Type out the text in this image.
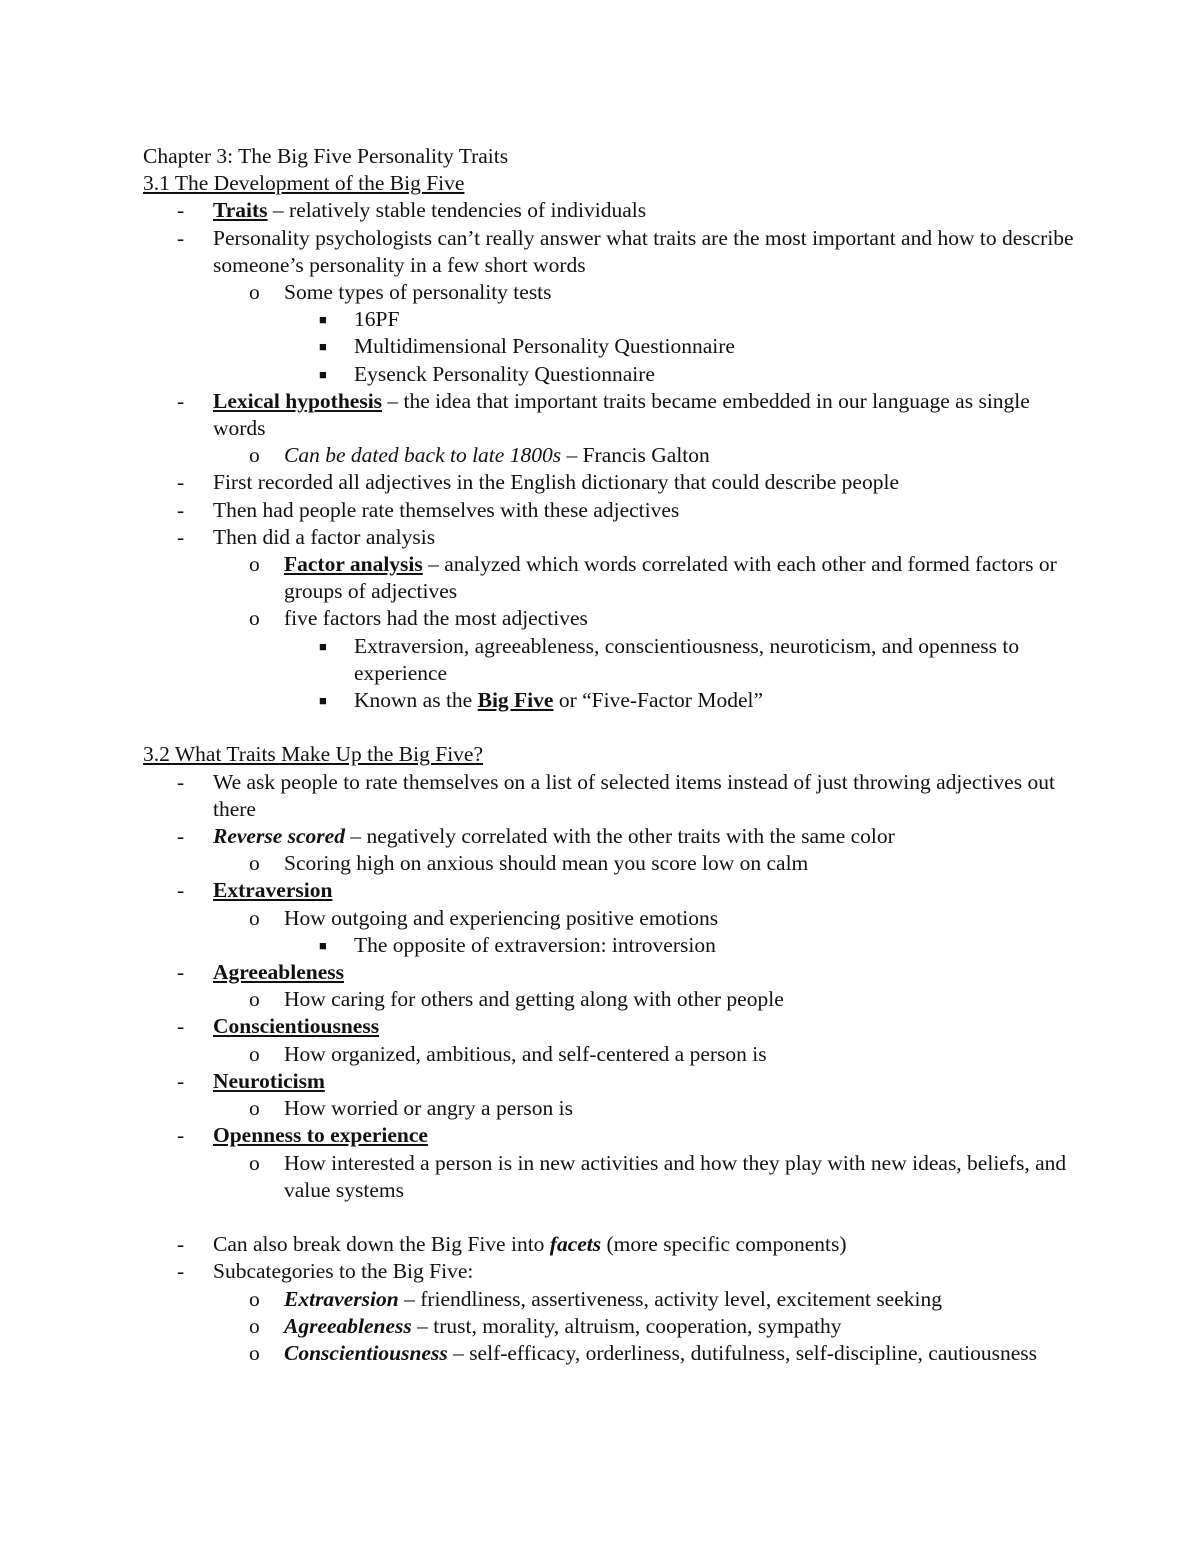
Chapter 3: The Big Five Personality Traits
3.1 The Development of the Big Five
- Traits – relatively stable tendencies of individuals
- Personality psychologists can’t really answer what traits are the most important and how to describe someone’s personality in a few short words
o Some types of personality tests
■ 16PF
■ Multidimensional Personality Questionnaire
■ Eysenck Personality Questionnaire
- Lexical hypothesis – the idea that important traits became embedded in our language as single words
o Can be dated back to late 1800s – Francis Galton
- First recorded all adjectives in the English dictionary that could describe people
- Then had people rate themselves with these adjectives
- Then did a factor analysis
o Factor analysis – analyzed which words correlated with each other and formed factors or groups of adjectives
o five factors had the most adjectives
■ Extraversion, agreeableness, conscientiousness, neuroticism, and openness to experience
■ Known as the Big Five or “Five-Factor Model”
3.2 What Traits Make Up the Big Five?
- We ask people to rate themselves on a list of selected items instead of just throwing adjectives out there
- Reverse scored – negatively correlated with the other traits with the same color
o Scoring high on anxious should mean you score low on calm
- Extraversion
o How outgoing and experiencing positive emotions
■ The opposite of extraversion: introversion
- Agreeableness
o How caring for others and getting along with other people
- Conscientiousness
o How organized, ambitious, and self-centered a person is
- Neuroticism
o How worried or angry a person is
- Openness to experience
o How interested a person is in new activities and how they play with new ideas, beliefs, and value systems
- Can also break down the Big Five into facets (more specific components)
- Subcategories to the Big Five:
o Extraversion – friendliness, assertiveness, activity level, excitement seeking
o Agreeableness – trust, morality, altruism, cooperation, sympathy
o Conscientiousness – self-efficacy, orderliness, dutifulness, self-discipline, cautiousness
